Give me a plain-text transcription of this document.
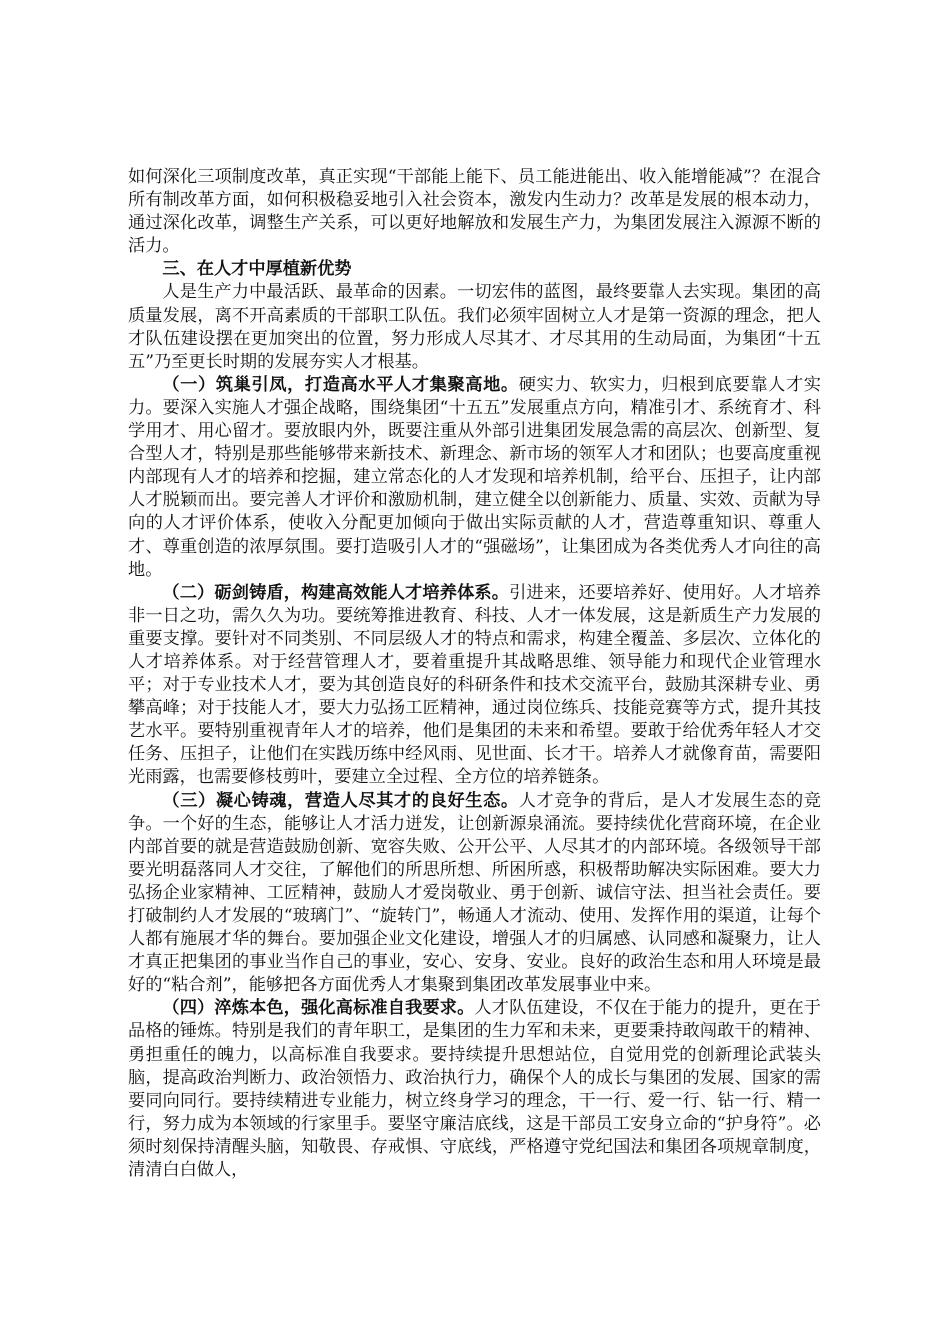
如何深化三项制度改革，真正实现“干部能上能下、员工能进能出、收入能增能减”？在混合所有制改革方面，如何积极稳妥地引入社会资本，激发内生动力？改革是发展的根本动力，通过深化改革，调整生产关系，可以更好地解放和发展生产力，为集团发展注入源源不断的活力。

三、在人才中厚植新优势

人是生产力中最活跃、最革命的因素。一切宏伟的蓝图，最终要靠人去实现。集团的高质量发展，离不开高素质的干部职工队伍。我们必须牢固树立人才是第一资源的理念，把人才队伍建设摆在更加突出的位置，努力形成人尽其才、才尽其用的生动局面，为集团“十五五”乃至更长时期的发展夯实人才根基。

（一）筑巢引凤，打造高水平人才集聚高地。硬实力、软实力，归根到底要靠人才实力。要深入实施人才强企战略，围绕集团“十五五”发展重点方向，精准引才、系统育才、科学用才、用心留才。要放眼内外，既要注重从外部引进集团发展急需的高层次、创新型、复合型人才，特别是那些能够带来新技术、新理念、新市场的领军人才和团队；也要高度重视内部现有人才的培养和挖掘，建立常态化的人才发现和培养机制，给平台、压担子，让内部人才脱颖而出。要完善人才评价和激励机制，建立健全以创新能力、质量、实效、贡献为导向的人才评价体系，使收入分配更加倾向于做出实际贡献的人才，营造尊重知识、尊重人才、尊重创造的浓厚氛围。要打造吸引人才的“强磁场”，让集团成为各类优秀人才向往的高地。

（二）砺剑铸盾，构建高效能人才培养体系。引进来，还要培养好、使用好。人才培养非一日之功，需久久为功。要统筹推进教育、科技、人才一体发展，这是新质生产力发展的重要支撑。要针对不同类别、不同层级人才的特点和需求，构建全覆盖、多层次、立体化的人才培养体系。对于经营管理人才，要着重提升其战略思维、领导能力和现代企业管理水平；对于专业技术人才，要为其创造良好的科研条件和技术交流平台，鼓励其深耕专业、勇攀高峰；对于技能人才，要大力弘扬工匠精神，通过岗位练兵、技能竞赛等方式，提升其技艺水平。要特别重视青年人才的培养，他们是集团的未来和希望。要敢于给优秀年轻人才交任务、压担子，让他们在实践历练中经风雨、见世面、长才干。培养人才就像育苗，需要阳光雨露，也需要修枝剪叶，要建立全过程、全方位的培养链条。

（三）凝心铸魂，营造人尽其才的良好生态。人才竞争的背后，是人才发展生态的竞争。一个好的生态，能够让人才活力迸发，让创新源泉涌流。要持续优化营商环境，在企业内部首要的就是营造鼓励创新、宽容失败、公开公平、人尽其才的内部环境。各级领导干部要光明磊落同人才交往，了解他们的所思所想、所困所惑，积极帮助解决实际困难。要大力弘扬企业家精神、工匠精神，鼓励人才爱岗敬业、勇于创新、诚信守法、担当社会责任。要打破制约人才发展的“玻璃门”、“旋转门”，畅通人才流动、使用、发挥作用的渠道，让每个人都有施展才华的舞台。要加强企业文化建设，增强人才的归属感、认同感和凝聚力，让人才真正把集团的事业当作自己的事业，安心、安身、安业。良好的政治生态和用人环境是最好的“粘合剂”，能够把各方面优秀人才集聚到集团改革发展事业中来。

（四）淬炼本色，强化高标准自我要求。人才队伍建设，不仅在于能力的提升，更在于品格的锤炼。特别是我们的青年职工，是集团的生力军和未来，更要秉持敢闯敢干的精神、勇担重任的魄力，以高标准自我要求。要持续提升思想站位，自觉用党的创新理论武装头脑，提高政治判断力、政治领悟力、政治执行力，确保个人的成长与集团的发展、国家的需要同向同行。要持续精进专业能力，树立终身学习的理念，干一行、爱一行、钻一行、精一行，努力成为本领域的行家里手。要坚守廉洁底线，这是干部员工安身立命的“护身符”。必须时刻保持清醒头脑，知敬畏、存戒惧、守底线，严格遵守党纪国法和集团各项规章制度，清清白白做人，
